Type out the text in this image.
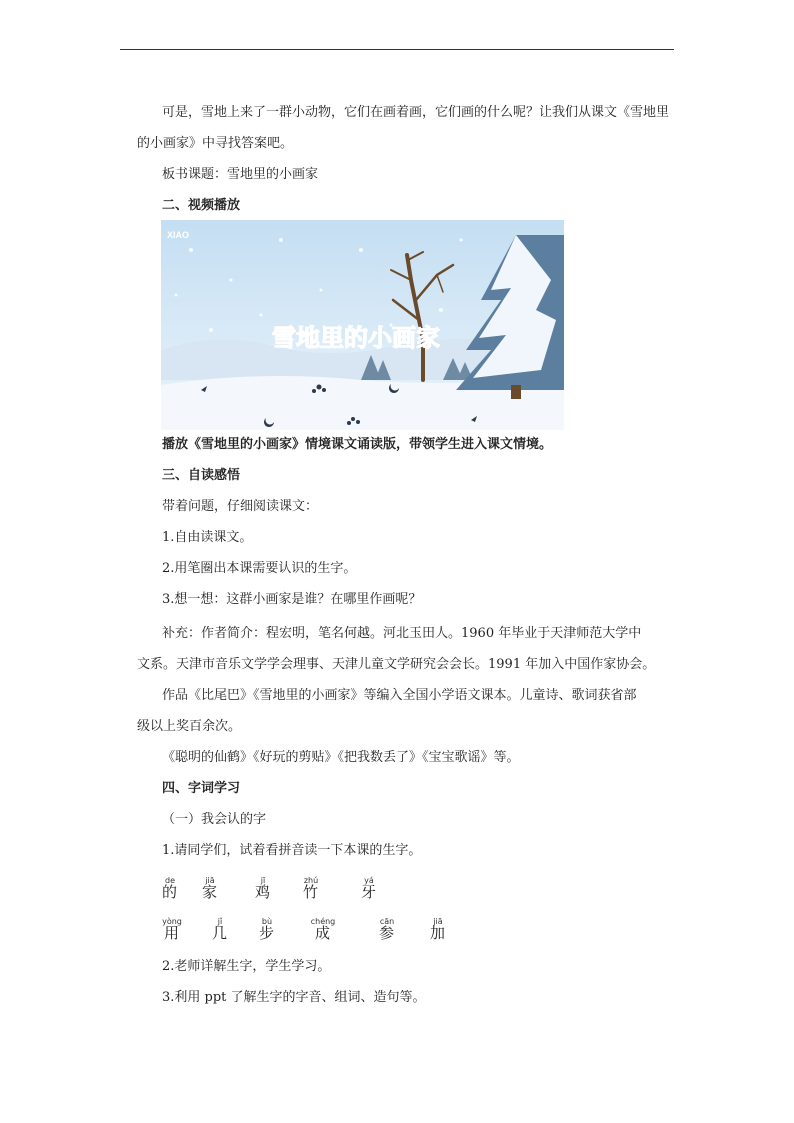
可是，雪地上来了一群小动物，它们在画着画，它们画的什么呢？让我们从课文《雪地里
的小画家》中寻找答案吧。
板书课题：雪地里的小画家
二、视频播放
XIAO
雪地里的小画家
播放《雪地里的小画家》情境课文诵读版，带领学生进入课文情境。
三、自读感悟
带着问题，仔细阅读课文：
1.自由读课文。
2.用笔圈出本课需要认识的生字。
3.想一想：这群小画家是谁？在哪里作画呢？
补充：作者简介：程宏明，笔名何越。河北玉田人。1960 年毕业于天津师范大学中
文系。天津市音乐文学学会理事、天津儿童文学研究会会长。1991 年加入中国作家协会。
作品《比尾巴》《雪地里的小画家》等编入全国小学语文课本。儿童诗、歌词获省部
级以上奖百余次。
《聪明的仙鹤》《好玩的剪贴》《把我数丢了》《宝宝歌谣》等。
四、字词学习
（一）我会认的字
1.请同学们，试着看拼音读一下本课的生字。
de
的
jiā
家
jī
鸡
zhú
竹
yá
牙
yòng
用
jǐ
几
bù
步
chéng
成
cān
参
jiā
加
2.老师详解生字，学生学习。
3.利用 ppt 了解生字的字音、组词、造句等。
